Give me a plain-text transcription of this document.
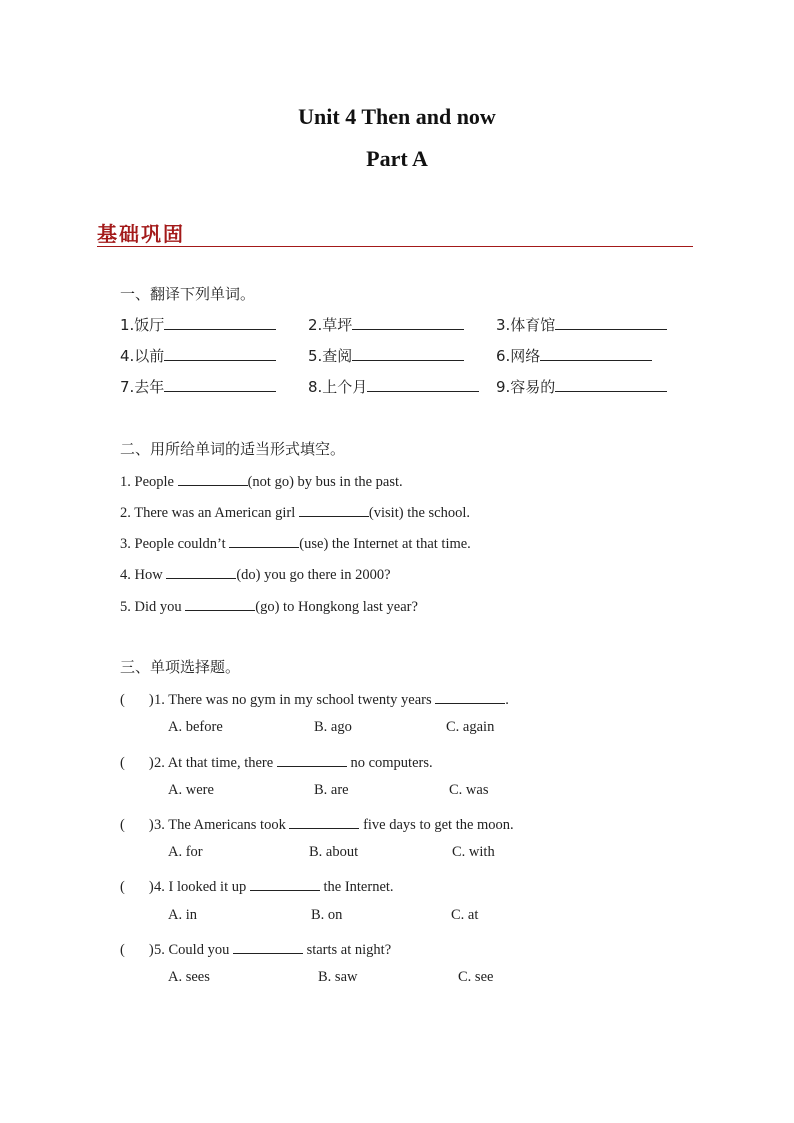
Unit 4 Then and now
Part A
基础巩固
一、翻译下列单词。
1.饭厅	2.草坪	3.体育馆
4.以前	5.查阅	6.网络
7.去年	8.上个月	9.容易的
二、用所给单词的适当形式填空。
1. People	(not go) by bus in the past.
2. There was an American girl	(visit) the school.
3. People couldn’t	(use) the Internet at that time.
4. How	(do) you go there in 2000?
5. Did you	(go) to Hongkong last year?
三、单项选择题。
( )1. There was no gym in my school twenty years	.
A. before	B. ago	C. again
( )2. At that time, there	no computers.
A. were	B. are	C. was
( )3. The Americans took	five days to get the moon.
A. for	B. about	C. with
( )4. I looked it up	the Internet.
A. in	B. on	C. at
( )5. Could you	starts at night?
A. sees	B. saw	C. see
